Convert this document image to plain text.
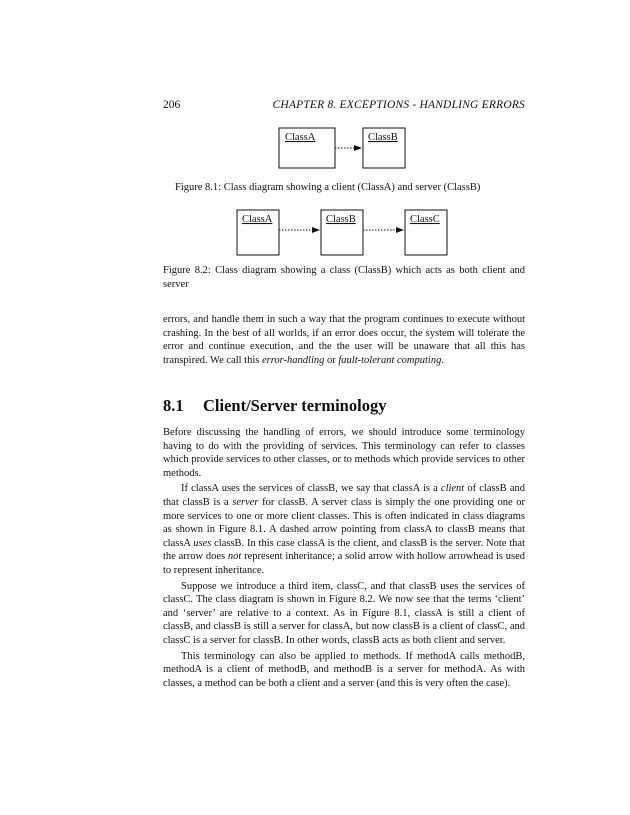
206	CHAPTER 8. EXCEPTIONS - HANDLING ERRORS
ClassA	ClassB
Figure 8.1: Class diagram showing a client (ClassA) and server (ClassB)
ClassA	ClassB	ClassC
Figure 8.2: Class diagram showing a class (ClassB) which acts as both client and server

errors, and handle them in such a way that the program continues to execute without crashing. In the best of all worlds, if an error does occur, the system will tolerate the error and continue execution, and the the user will be unaware that all this has transpired. We call this error-handling or fault-tolerant computing.

8.1 Client/Server terminology

Before discussing the handling of errors, we should introduce some terminology having to do with the providing of services. This terminology can refer to classes which provide services to other classes, or to methods which provide services to other methods.

If classA uses the services of classB, we say that classA is a client of classB and that classB is a server for classB. A server class is simply the one providing one or more services to one or more client classes. This is often indicated in class diagrams as shown in Figure 8.1. A dashed arrow pointing from classA to classB means that classA uses classB. In this case classA is the client, and classB is the server. Note that the arrow does not represent inheritance; a solid arrow with hollow arrowhead is used to represent inheritance.

Suppose we introduce a third item, classC, and that classB uses the services of classC. The class diagram is shown in Figure 8.2. We now see that the terms ‘client’ and ‘server’ are relative to a context. As in Figure 8.1, classA is still a client of classB, and classB is still a server for classA, but now classB is a client of classC, and classC is a server for classB. In other words, classB acts as both client and server.

This terminology can also be applied to methods. If methodA calls methodB, methodA is a client of methodB, and methodB is a server for methodA. As with classes, a method can be both a client and a server (and this is very often the case).
